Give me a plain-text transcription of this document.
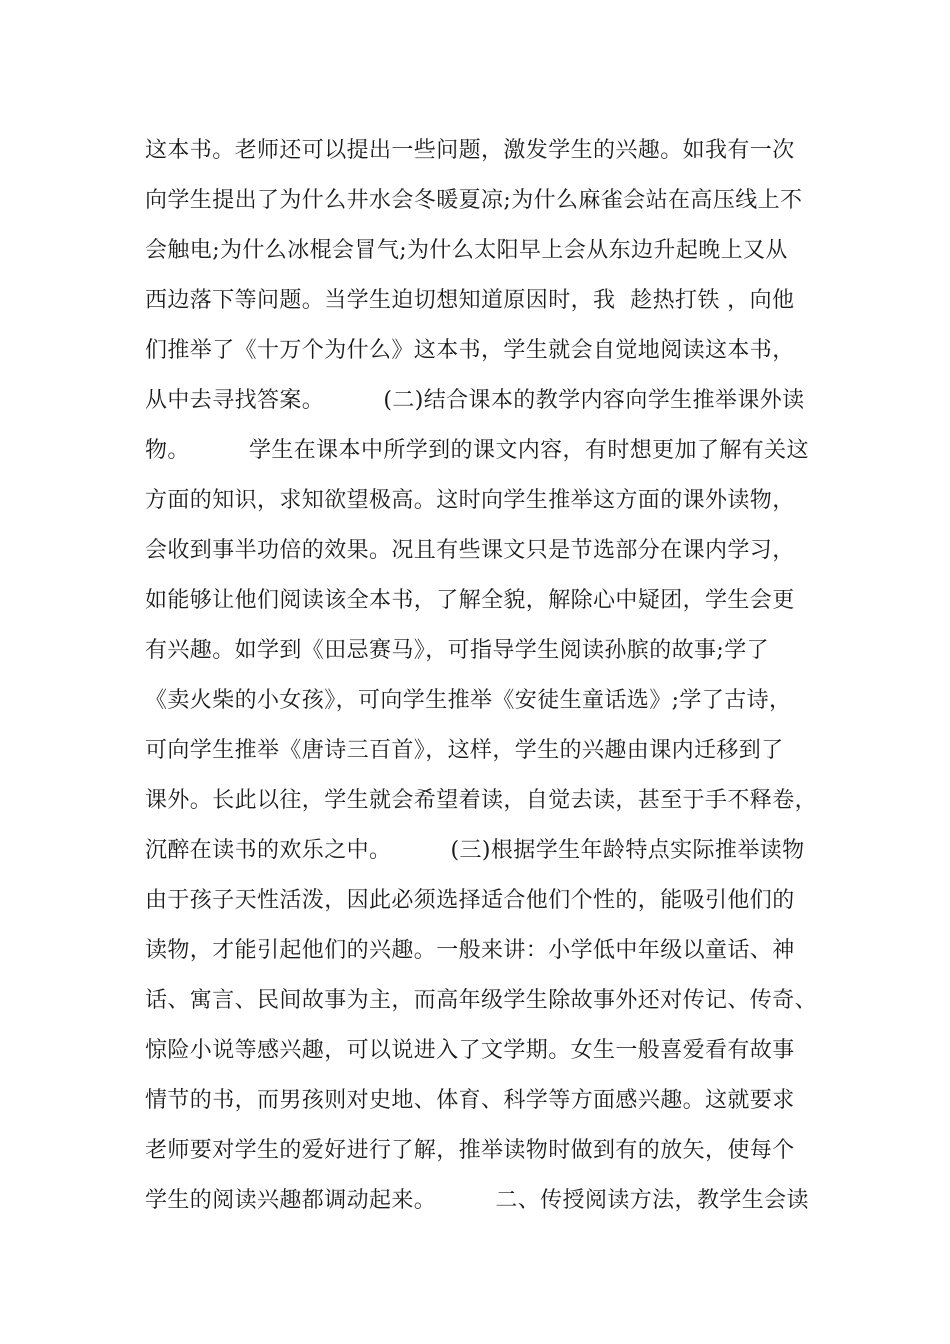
这本书。老师还可以提出一些问题，激发学生的兴趣。如我有一次
向学生提出了为什么井水会冬暖夏凉;为什么麻雀会站在高压线上不
会触电;为什么冰棍会冒气;为什么太阳早上会从东边升起晚上又从
西边落下等问题。当学生迫切想知道原因时，我  趁热打铁 ，向他
们推举了《十万个为什么》这本书，学生就会自觉地阅读这本书，
从中去寻找答案。        (二)结合课本的教学内容向学生推举课外读
物。        学生在课本中所学到的课文内容，有时想更加了解有关这
方面的知识，求知欲望极高。这时向学生推举这方面的课外读物，
会收到事半功倍的效果。况且有些课文只是节选部分在课内学习，
如能够让他们阅读该全本书，了解全貌，解除心中疑团，学生会更
有兴趣。如学到《田忌赛马》，可指导学生阅读孙膑的故事;学了
《卖火柴的小女孩》，可向学生推举《安徒生童话选》;学了古诗，
可向学生推举《唐诗三百首》，这样，学生的兴趣由课内迁移到了
课外。长此以往，学生就会希望着读，自觉去读，甚至于手不释卷，
沉醉在读书的欢乐之中。        (三)根据学生年龄特点实际推举读物
由于孩子天性活泼，因此必须选择适合他们个性的，能吸引他们的
读物，才能引起他们的兴趣。一般来讲：小学低中年级以童话、神
话、寓言、民间故事为主，而高年级学生除故事外还对传记、传奇、
惊险小说等感兴趣，可以说进入了文学期。女生一般喜爱看有故事
情节的书，而男孩则对史地、体育、科学等方面感兴趣。这就要求
老师要对学生的爱好进行了解，推举读物时做到有的放矢，使每个
学生的阅读兴趣都调动起来。        二、传授阅读方法，教学生会读
